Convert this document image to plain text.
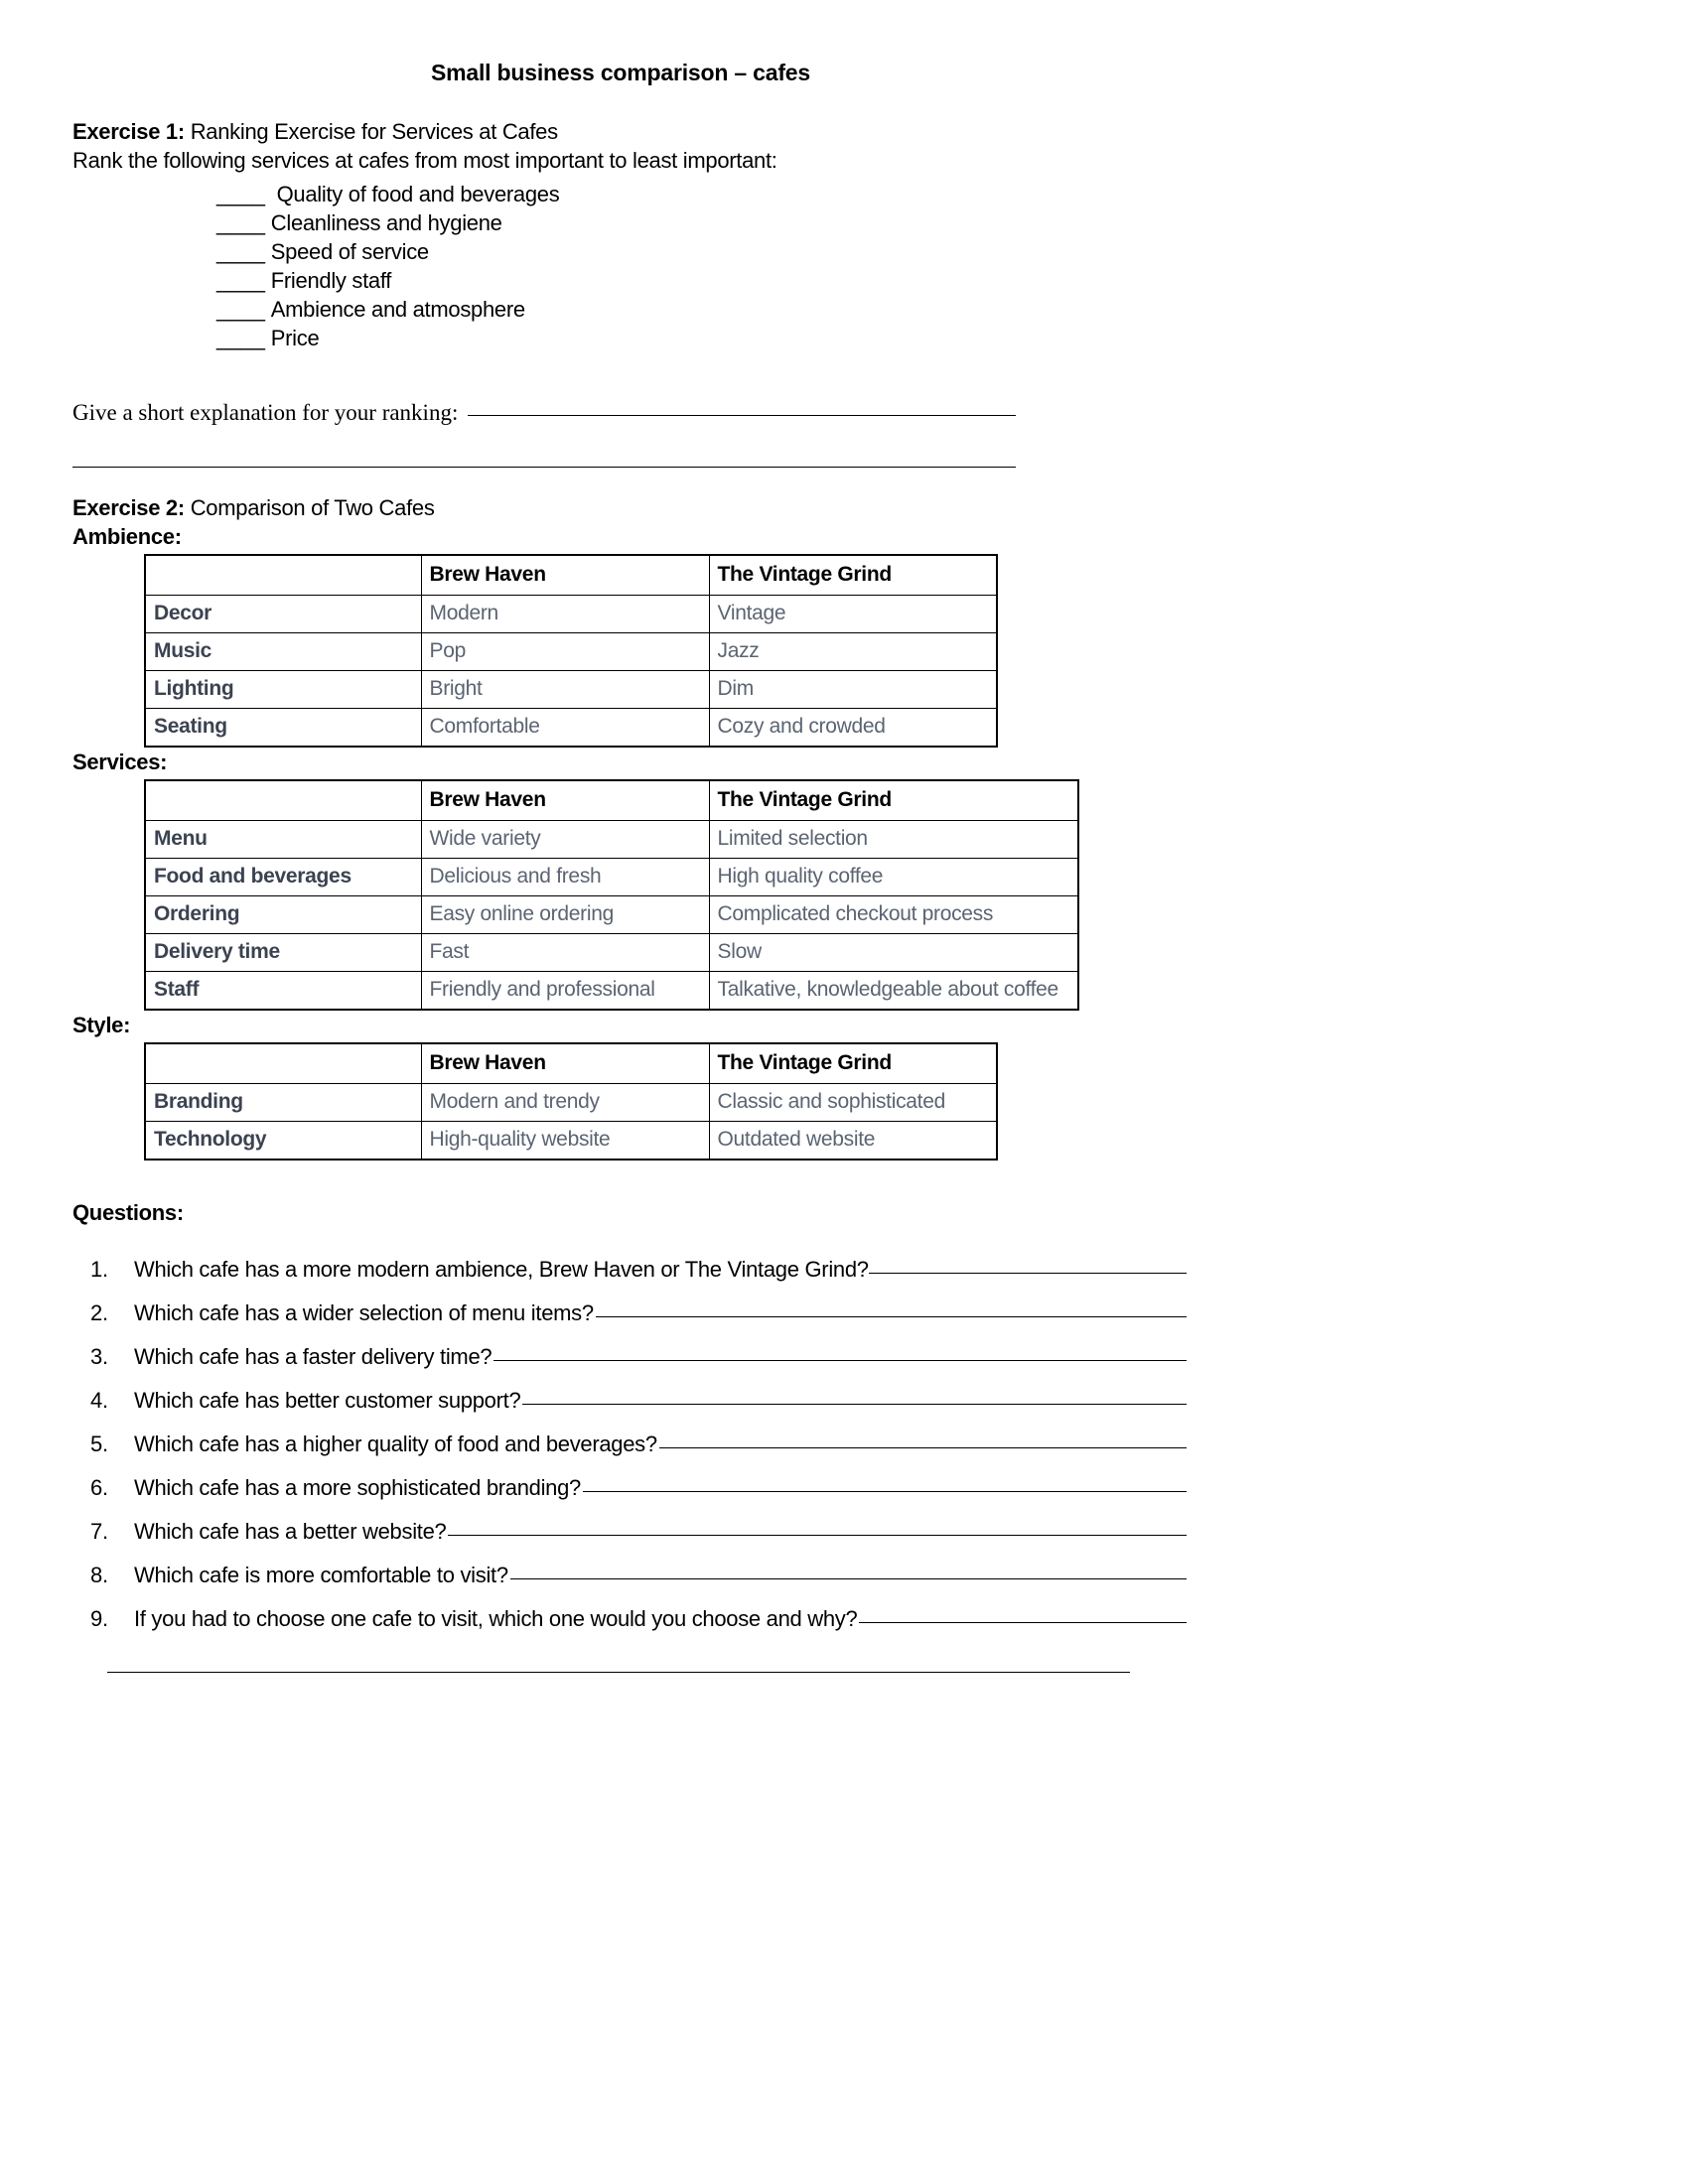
Small business comparison – cafes
Exercise 1: Ranking Exercise for Services at Cafes
Rank the following services at cafes from most important to least important:
____ Quality of food and beverages
____ Cleanliness and hygiene
____ Speed of service
____ Friendly staff
____ Ambience and atmosphere
____ Price
Give a short explanation for your ranking:
Exercise 2: Comparison of Two Cafes
Ambience:
	Brew Haven	The Vintage Grind
Decor	Modern	Vintage
Music	Pop	Jazz
Lighting	Bright	Dim
Seating	Comfortable	Cozy and crowded
Services:
	Brew Haven	The Vintage Grind
Menu	Wide variety	Limited selection
Food and beverages	Delicious and fresh	High quality coffee
Ordering	Easy online ordering	Complicated checkout process
Delivery time	Fast	Slow
Staff	Friendly and professional	Talkative, knowledgeable about coffee
Style:
	Brew Haven	The Vintage Grind
Branding	Modern and trendy	Classic and sophisticated
Technology	High-quality website	Outdated website
Questions:
Which cafe has a more modern ambience, Brew Haven or The Vintage Grind?
Which cafe has a wider selection of menu items?
Which cafe has a faster delivery time?
Which cafe has better customer support?
Which cafe has a higher quality of food and beverages?
Which cafe has a more sophisticated branding?
Which cafe has a better website?
Which cafe is more comfortable to visit?
If you had to choose one cafe to visit, which one would you choose and why?
